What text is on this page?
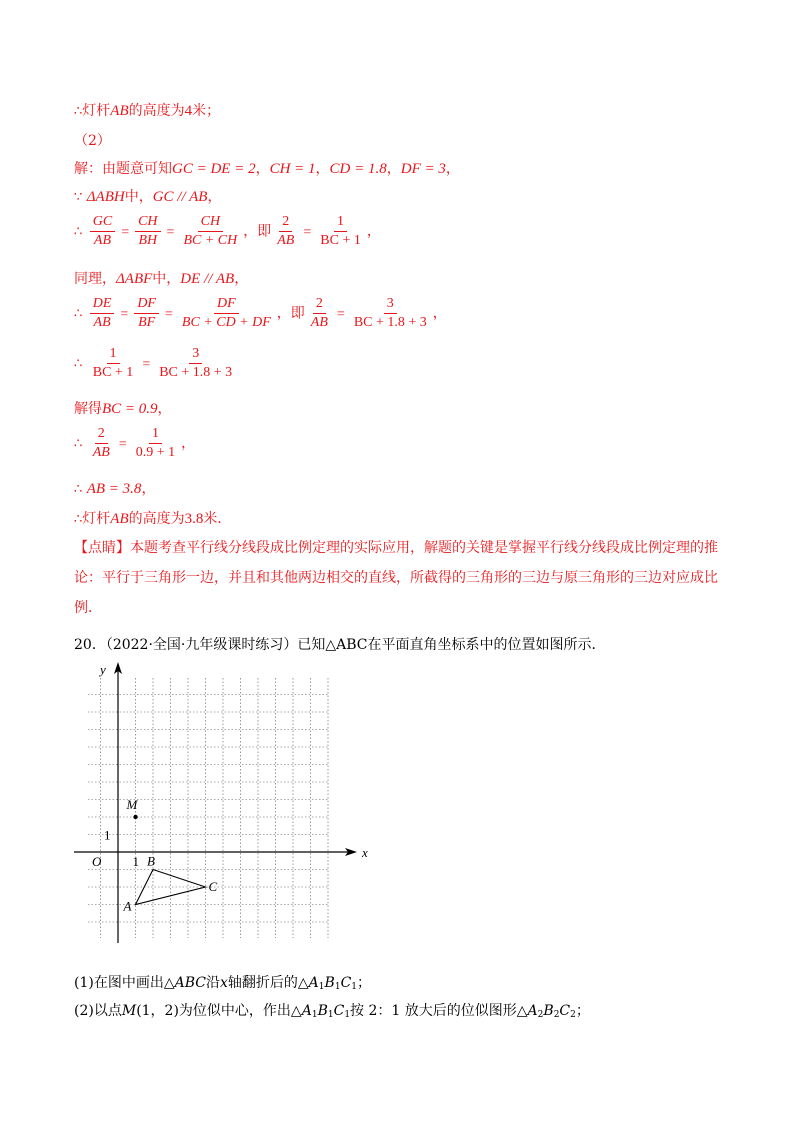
∴灯杆AB的高度为4米；
（2）
解：由题意可知GC = DE = 2，CH = 1，CD = 1.8，DF = 3，
∵ ΔABH中，GC // AB，
∴ $\frac{GC}{AB} = \frac{CH}{BH} = \frac{CH}{BC + CH}$ ，即 $\frac{2}{AB} = \frac{1}{BC + 1}$ ，
同理，ΔABF中，DE // AB，
∴ $\frac{DE}{AB} = \frac{DF}{BF} = \frac{DF}{BC + CD + DF}$ ，即 $\frac{2}{AB} = \frac{3}{BC + 1.8 + 3}$ ，
∴ $\frac{1}{BC + 1} = \frac{3}{BC + 1.8 + 3}$
解得BC = 0.9，
∴ $\frac{2}{AB} = \frac{1}{0.9 + 1}$ ，
∴ AB = 3.8，
∴灯杆AB的高度为3.8米．
【点睛】本题考查平行线分线段成比例定理的实际应用，解题的关键是掌握平行线分线段成比例定理的推论：平行于三角形一边，并且和其他两边相交的直线，所截得的三角形的三边与原三角形的三边对应成比例．
20．（2022·全国·九年级课时练习）已知△ABC在平面直角坐标系中的位置如图所示．
x
y
O 1
1
M
B
C
A
(1)在图中画出△ABC沿x轴翻折后的$\triangle A_1B_1C_1$；
(2)以点M(1，2)为位似中心，作出$\triangle A_1B_1C_1$按 2：1 放大后的位似图形$\triangle A_2B_2C_2$；
